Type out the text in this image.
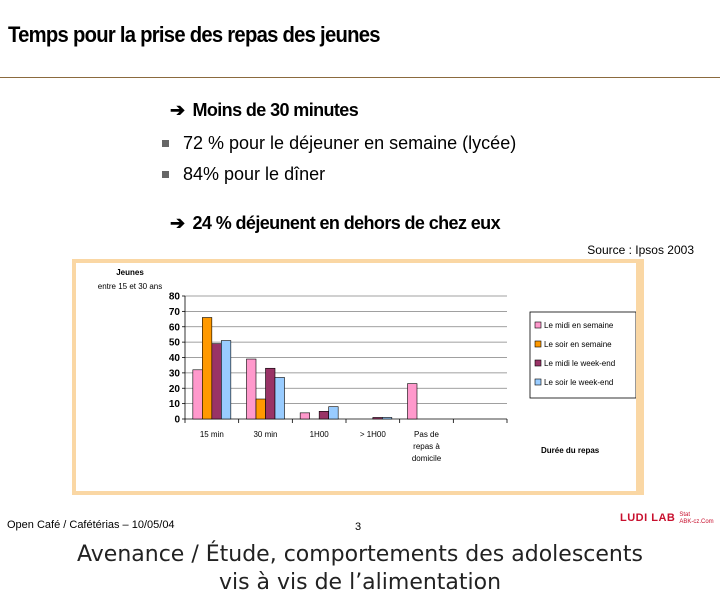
Temps pour la prise des repas des jeunes
➔ Moins de 30 minutes
72 % pour le déjeuner en semaine (lycée)
84% pour le dîner
➔ 24 % déjeunent en dehors de chez eux
Source : Ipsos 2003
0
10
20
30
40
50
60
70
80
15 min	30 min	1H00	> 1H00	Pas de
repas à
domicile
Jeunes
entre 15 et 30 ans
Durée du repas
Le midi en semaine
Le soir en semaine
Le midi le week-end
Le soir le week-end
Open Café / Cafétérias – 10/05/04	3
LUDI LAB Stat
ABK-cz.Com
Avenance / Étude, comportements des adolescents
vis à vis de l’alimentation
